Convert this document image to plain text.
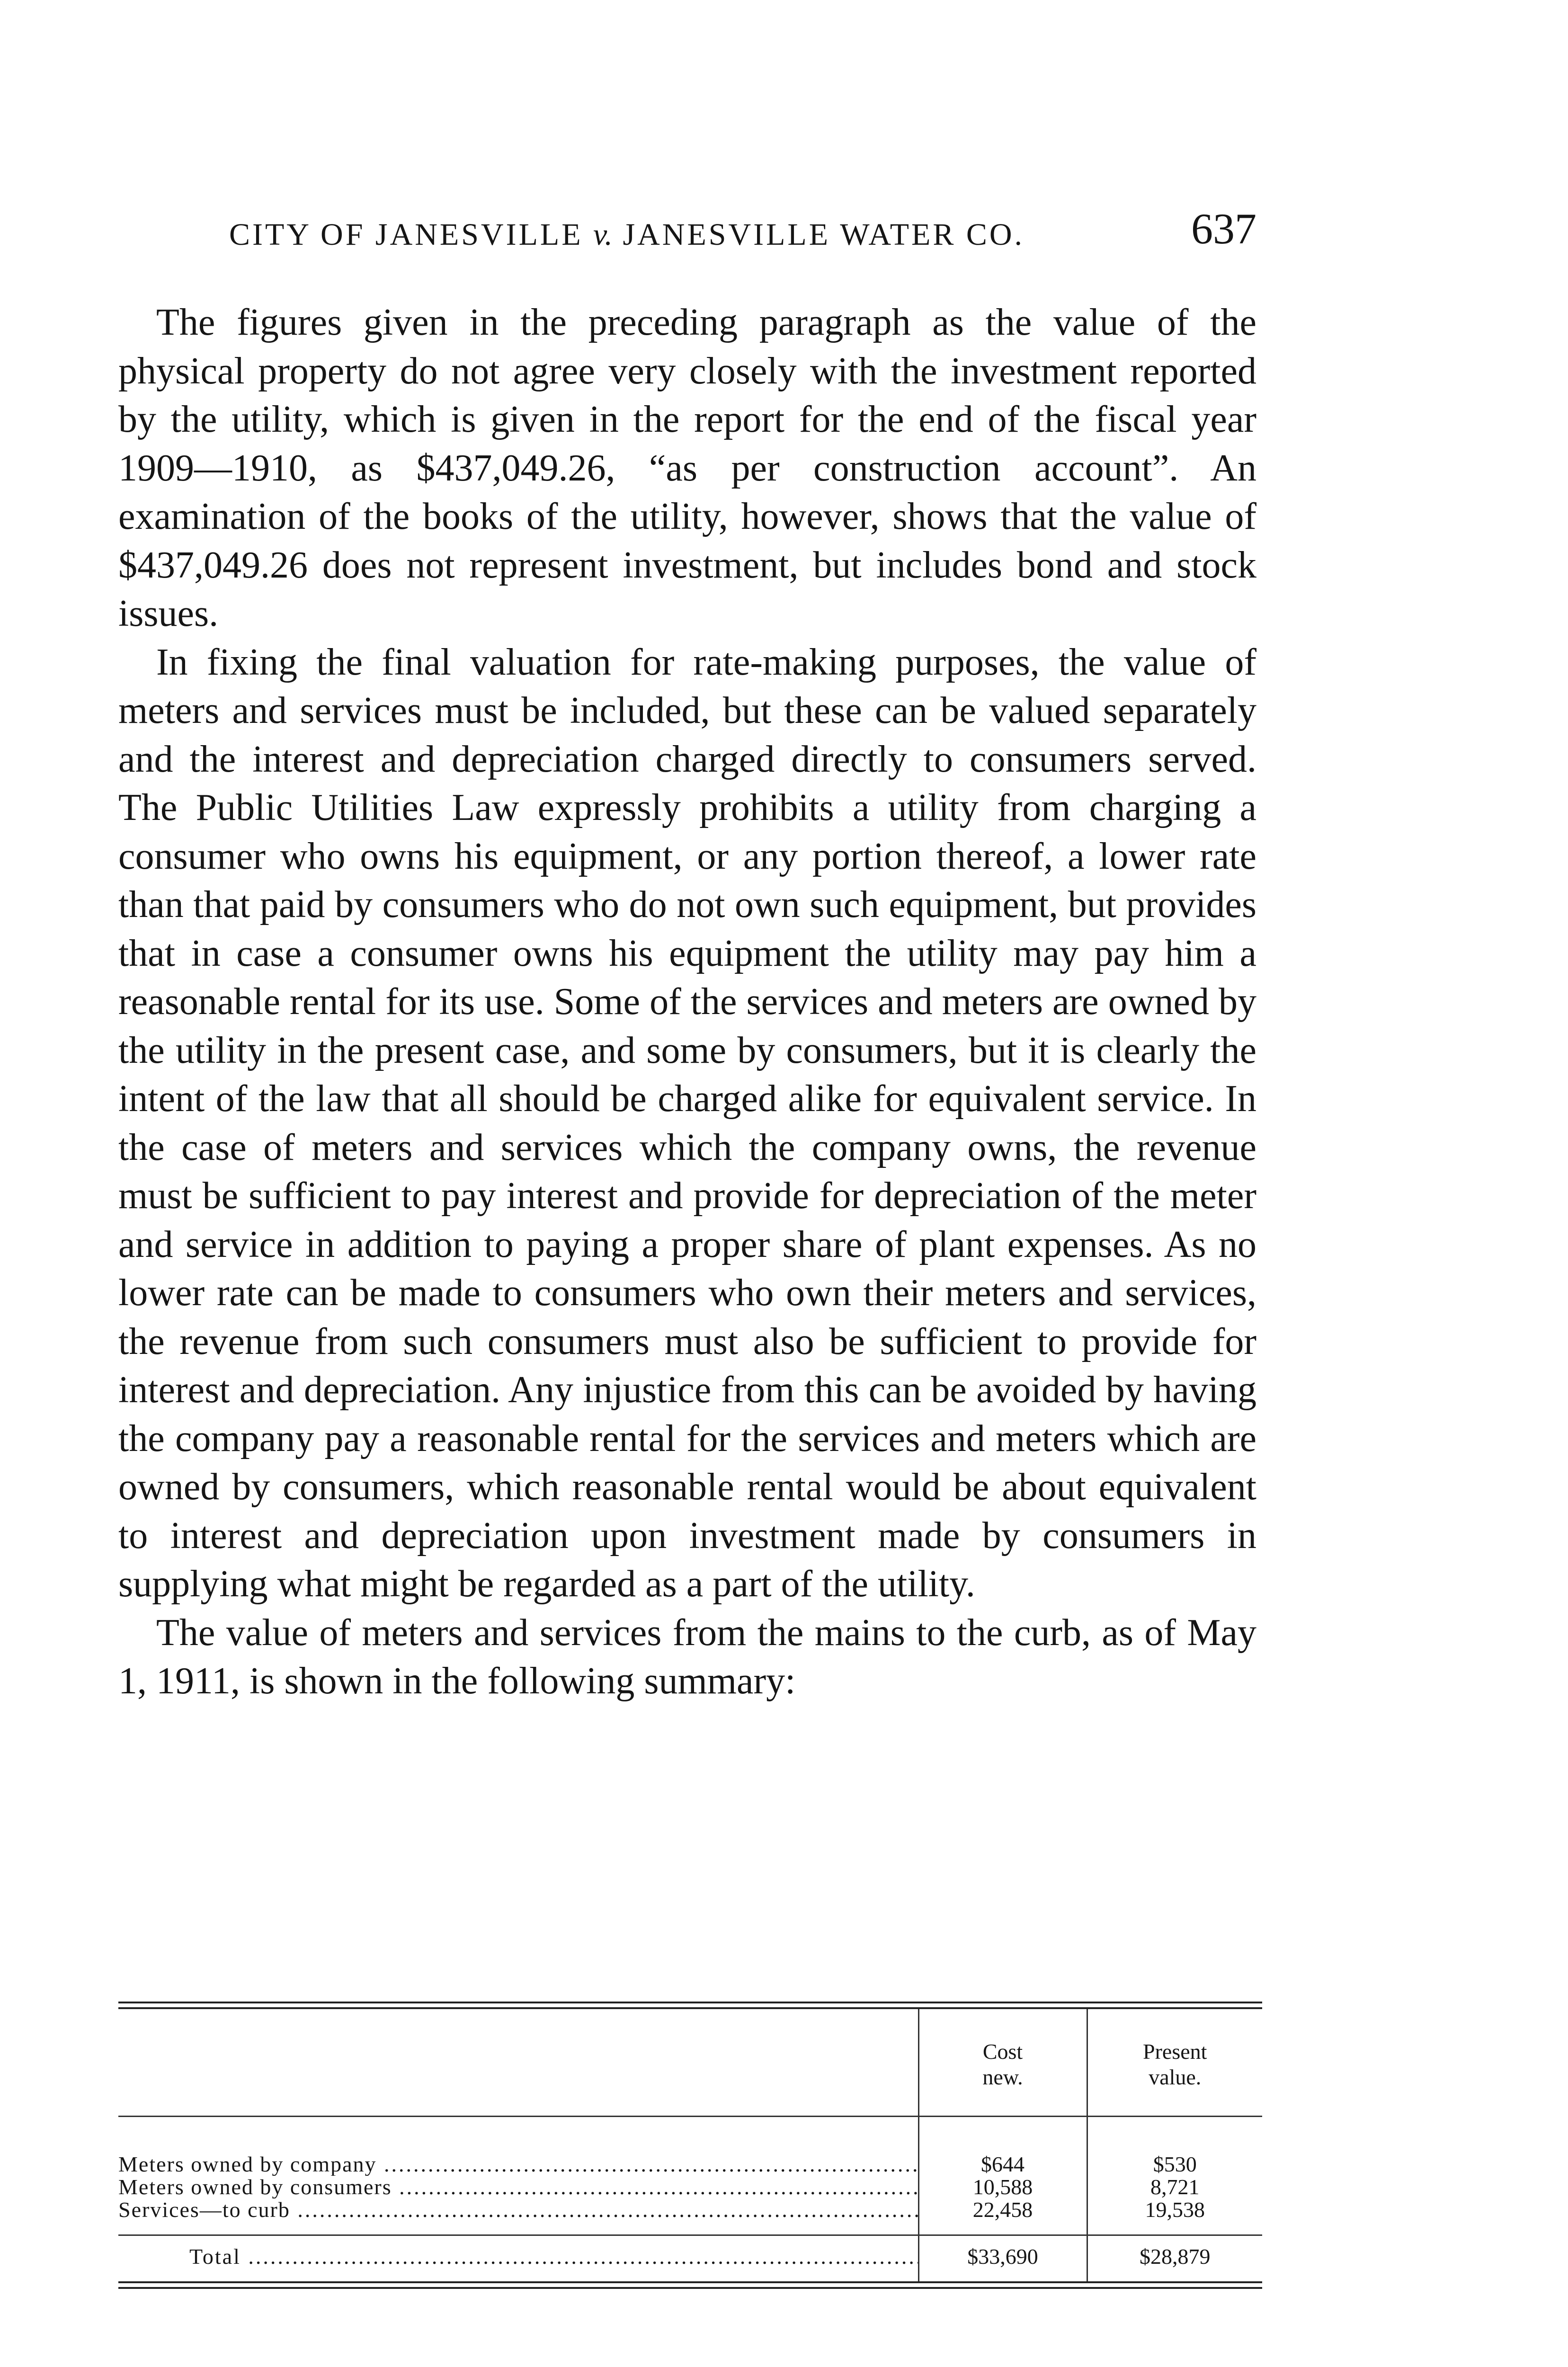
CITY OF JANESVILLE v. JANESVILLE WATER CO.	637

The figures given in the preceding paragraph as the value of the physical property do not agree very closely with the investment reported by the utility, which is given in the report for the end of the fiscal year 1909—1910, as $437,049.26, “as per construction account”. An examination of the books of the utility, however, shows that the value of $437,049.26 does not represent investment, but includes bond and stock issues.

In fixing the final valuation for rate-making purposes, the value of meters and services must be included, but these can be valued separately and the interest and depreciation charged directly to consumers served. The Public Utilities Law expressly prohibits a utility from charging a consumer who owns his equipment, or any portion thereof, a lower rate than that paid by consumers who do not own such equipment, but provides that in case a consumer owns his equipment the utility may pay him a reasonable rental for its use. Some of the services and meters are owned by the utility in the present case, and some by consumers, but it is clearly the intent of the law that all should be charged alike for equivalent service. In the case of meters and services which the company owns, the revenue must be sufficient to pay interest and provide for depreciation of the meter and service in addition to paying a proper share of plant expenses. As no lower rate can be made to consumers who own their meters and services, the revenue from such consumers must also be sufficient to provide for interest and depreciation. Any injustice from this can be avoided by having the company pay a reasonable rental for the services and meters which are owned by consumers, which reasonable rental would be about equivalent to interest and depreciation upon investment made by consumers in supplying what might be regarded as a part of the utility.

The value of meters and services from the mains to the curb, as of May 1, 1911, is shown in the following summary:

	Cost new.	Present value.
Meters owned by company .....	$644	$530
Meters owned by consumers .....	10,588	8,721
Services—to curb .....	22,458	19,538
Total .....	$33,690	$28,879
